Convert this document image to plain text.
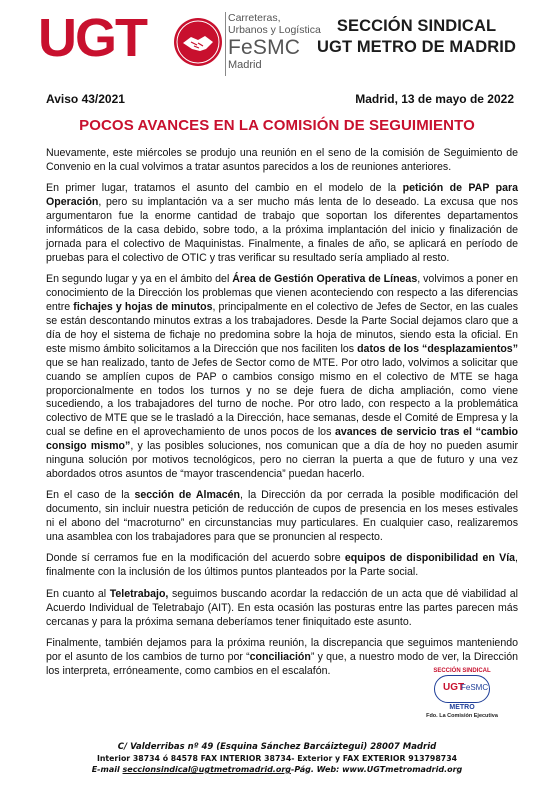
UGT	Carreteras,
Urbanos y Logística
FeSMC
Madrid
SECCIÓN SINDICAL
UGT METRO DE MADRID
Aviso 43/2021	Madrid, 13 de mayo de 2022
POCOS AVANCES EN LA COMISIÓN DE SEGUIMIENTO

Nuevamente, este miércoles se produjo una reunión en el seno de la comisión de Seguimiento de Convenio en la cual volvimos a tratar asuntos parecidos a los de reuniones anteriores.

En primer lugar, tratamos el asunto del cambio en el modelo de la petición de PAP para Operación, pero su implantación va a ser mucho más lenta de lo deseado. La excusa que nos argumentaron fue la enorme cantidad de trabajo que soportan los diferentes departamentos informáticos de la casa debido, sobre todo, a la próxima implantación del inicio y finalización de jornada para el colectivo de Maquinistas. Finalmente, a finales de año, se aplicará en período de pruebas para el colectivo de OTIC y tras verificar su resultado sería ampliado al resto.

En segundo lugar y ya en el ámbito del Área de Gestión Operativa de Líneas, volvimos a poner en conocimiento de la Dirección los problemas que vienen aconteciendo con respecto a las diferencias entre fichajes y hojas de minutos, principalmente en el colectivo de Jefes de Sector, en las cuales se están descontando minutos extras a los trabajadores. Desde la Parte Social dejamos claro que a día de hoy el sistema de fichaje no predomina sobre la hoja de minutos, siendo esta la oficial. En este mismo ámbito solicitamos a la Dirección que nos faciliten los datos de los “desplazamientos” que se han realizado, tanto de Jefes de Sector como de MTE. Por otro lado, volvimos a solicitar que cuando se amplíen cupos de PAP o cambios consigo mismo en el colectivo de MTE se haga proporcionalmente en todos los turnos y no se deje fuera de dicha ampliación, como viene sucediendo, a los trabajadores del turno de noche. Por otro lado, con respecto a la problemática colectivo de MTE que se le trasladó a la Dirección, hace semanas, desde el Comité de Empresa y la cual se define en el aprovechamiento de unos pocos de los avances de servicio tras el “cambio consigo mismo”, y las posibles soluciones, nos comunican que a día de hoy no pueden asumir ninguna solución por motivos tecnológicos, pero no cierran la puerta a que de futuro y una vez abordados otros asuntos de “mayor trascendencia” puedan hacerlo.

En el caso de la sección de Almacén, la Dirección da por cerrada la posible modificación del documento, sin incluir nuestra petición de reducción de cupos de presencia en los meses estivales ni el abono del “macroturno” en circunstancias muy particulares. En cualquier caso, realizaremos una asamblea con los trabajadores para que se pronuncien al respecto.

Donde sí cerramos fue en la modificación del acuerdo sobre equipos de disponibilidad en Vía, finalmente con la inclusión de los últimos puntos planteados por la Parte social.

En cuanto al Teletrabajo, seguimos buscando acordar la redacción de un acta que dé viabilidad al Acuerdo Individual de Teletrabajo (AIT). En esta ocasión las posturas entre las partes parecen más cercanas y para la próxima semana deberíamos tener finiquitado este asunto.

Finalmente, también dejamos para la próxima reunión, la discrepancia que seguimos manteniendo por el asunto de los cambios de turno por “conciliación” y que, a nuestro modo de ver, la Dirección los interpreta, erróneamente, como cambios en el escalafón.	SECCIÓN SINDICAL
UGT
FeSMC
METRO
Fdo. La Comisión Ejecutiva
C/ Valderribas nº 49 (Esquina Sánchez Barcáiztegui) 28007 Madrid
Interior 38734 ó 84578 FAX INTERIOR 38734- Exterior y FAX EXTERIOR 913798734
E-mail seccionsindical@ugtmetromadrid.org-Pág. Web: www.UGTmetromadrid.org
